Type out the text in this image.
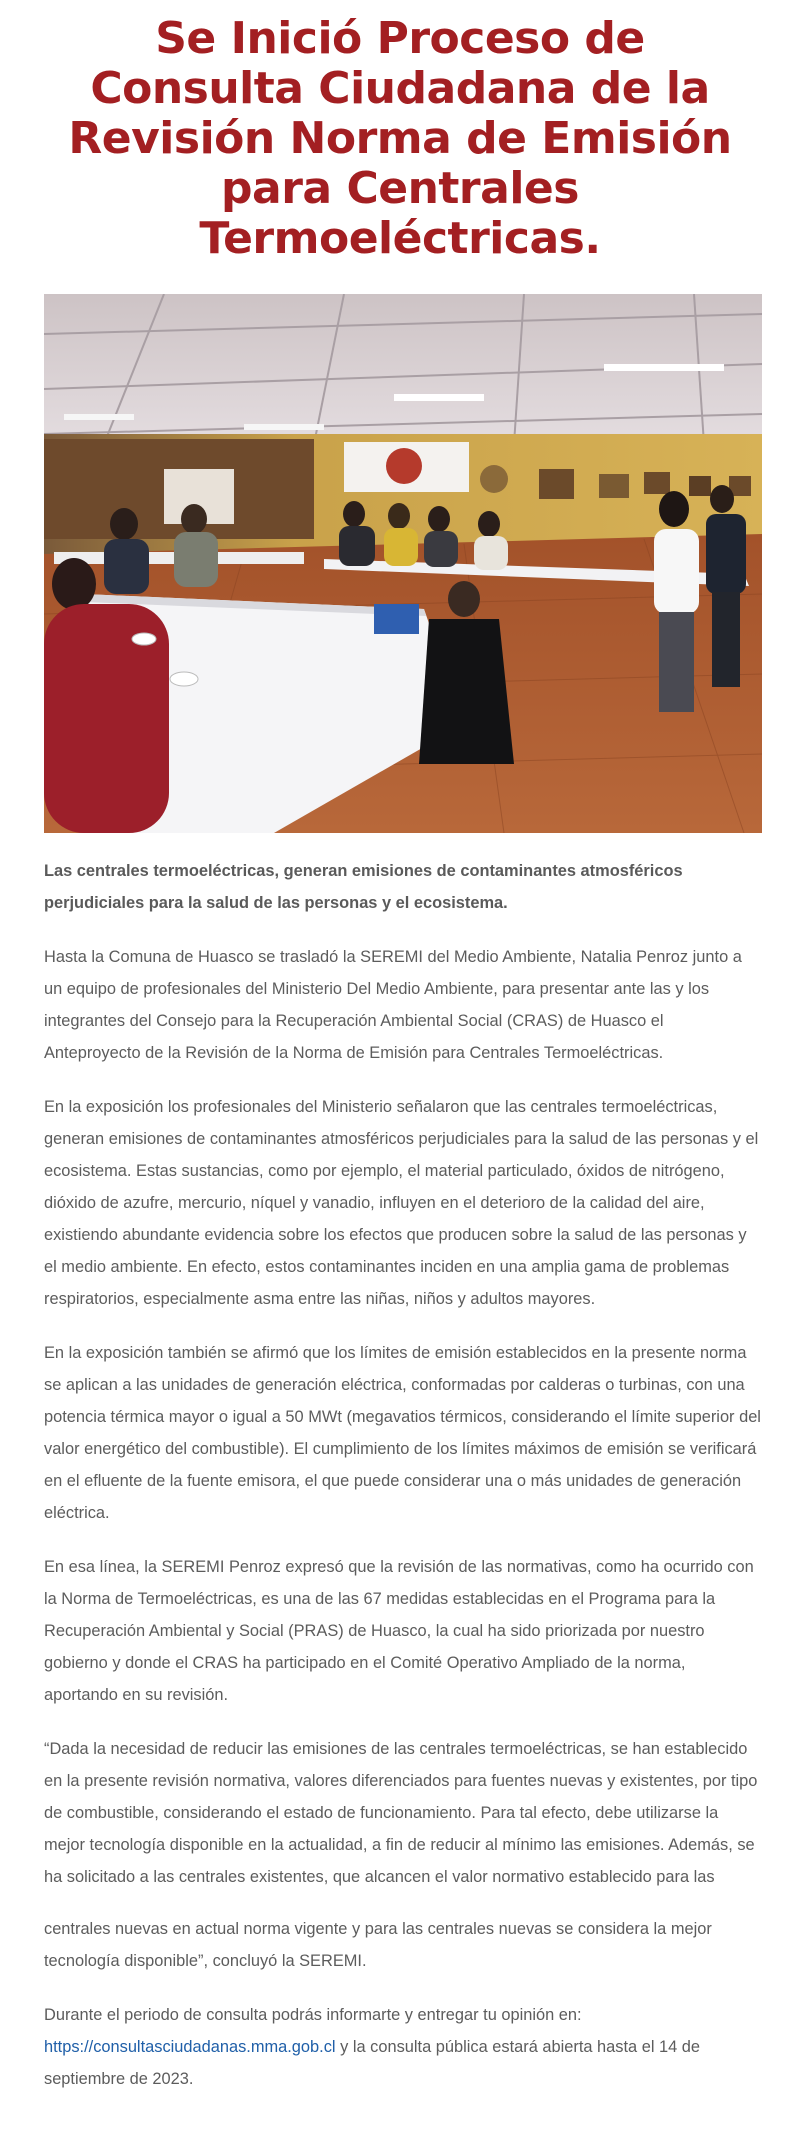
Se Inició Proceso de Consulta Ciudadana de la Revisión Norma de Emisión para Centrales Termoeléctricas.

Las centrales termoeléctricas, generan emisiones de contaminantes atmosféricos perjudiciales para la salud de las personas y el ecosistema.

Hasta la Comuna de Huasco se trasladó la SEREMI del Medio Ambiente, Natalia Penroz junto a un equipo de profesionales del Ministerio Del Medio Ambiente, para presentar ante las y los integrantes del Consejo para la Recuperación Ambiental Social (CRAS) de Huasco el Anteproyecto de la Revisión de la Norma de Emisión para Centrales Termoeléctricas.

En la exposición los profesionales del Ministerio señalaron que las centrales termoeléctricas, generan emisiones de contaminantes atmosféricos perjudiciales para la salud de las personas y el ecosistema. Estas sustancias, como por ejemplo, el material particulado, óxidos de nitrógeno, dióxido de azufre, mercurio, níquel y vanadio, influyen en el deterioro de la calidad del aire, existiendo abundante evidencia sobre los efectos que producen sobre la salud de las personas y el medio ambiente. En efecto, estos contaminantes inciden en una amplia gama de problemas respiratorios, especialmente asma entre las niñas, niños y adultos mayores.

En la exposición también se afirmó que los límites de emisión establecidos en la presente norma se aplican a las unidades de generación eléctrica, conformadas por calderas o turbinas, con una potencia térmica mayor o igual a 50 MWt (megavatios térmicos, considerando el límite superior del valor energético del combustible). El cumplimiento de los límites máximos de emisión se verificará en el efluente de la fuente emisora, el que puede considerar una o más unidades de generación eléctrica.

En esa línea, la SEREMI Penroz expresó que la revisión de las normativas, como ha ocurrido con la Norma de Termoeléctricas, es una de las 67 medidas establecidas en el Programa para la Recuperación Ambiental y Social (PRAS) de Huasco, la cual ha sido priorizada por nuestro gobierno y donde el CRAS ha participado en el Comité Operativo Ampliado de la norma, aportando en su revisión.

“Dada la necesidad de reducir las emisiones de las centrales termoeléctricas, se han establecido en la presente revisión normativa, valores diferenciados para fuentes nuevas y existentes, por tipo de combustible, considerando el estado de funcionamiento. Para tal efecto, debe utilizarse la mejor tecnología disponible en la actualidad, a fin de reducir al mínimo las emisiones. Además, se ha solicitado a las centrales existentes, que alcancen el valor normativo establecido para las

centrales nuevas en actual norma vigente y para las centrales nuevas se considera la mejor tecnología disponible”, concluyó la SEREMI.

Durante el periodo de consulta podrás informarte y entregar tu opinión en:
https://consultasciudadanas.mma.gob.cl y la consulta pública estará abierta hasta el 14 de septiembre de 2023.
